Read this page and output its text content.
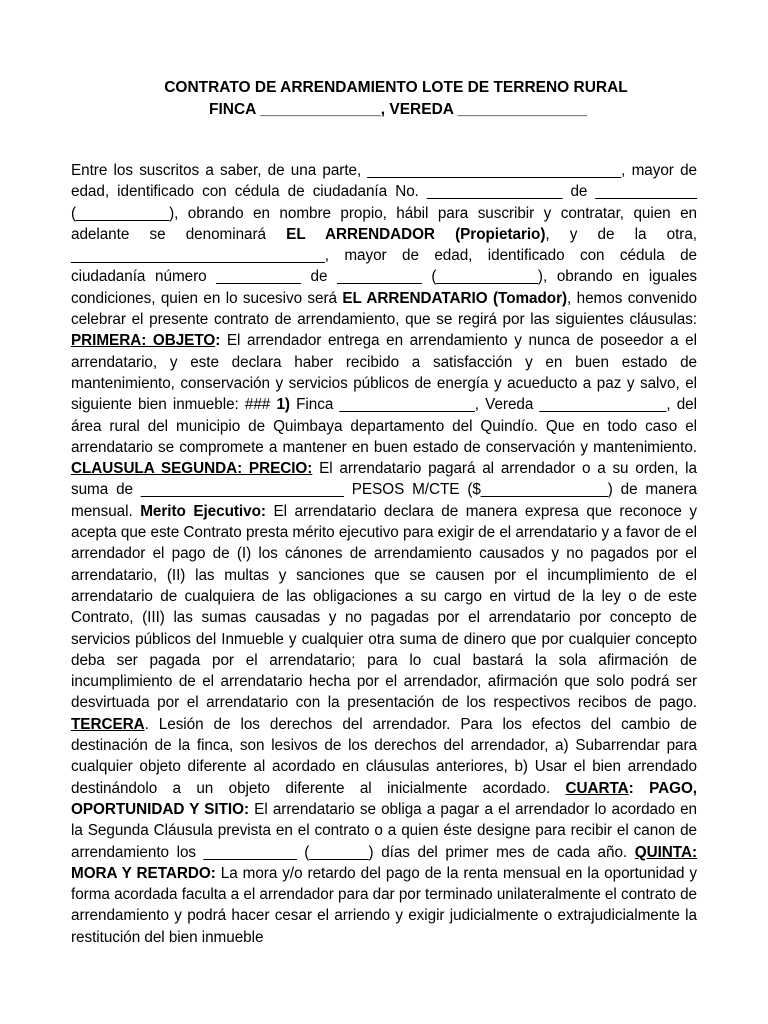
CONTRATO DE ARRENDAMIENTO LOTE DE TERRENO RURAL
FINCA ______________, VEREDA _______________
Entre los suscritos a saber, de una parte, ______________________________, mayor de edad, identificado con cédula de ciudadanía No. ________________ de ____________ (___________), obrando en nombre propio, hábil para suscribir y contratar, quien en adelante se denominará EL ARRENDADOR (Propietario), y de la otra, ______________________________, mayor de edad, identificado con cédula de ciudadanía número __________ de __________ (____________), obrando en iguales condiciones, quien en lo sucesivo será EL ARRENDATARIO (Tomador), hemos convenido celebrar el presente contrato de arrendamiento, que se regirá por las siguientes cláusulas: PRIMERA: OBJETO: El arrendador entrega en arrendamiento y nunca de poseedor a el arrendatario, y este declara haber recibido a satisfacción y en buen estado de mantenimiento, conservación y servicios públicos de energía y acueducto a paz y salvo, el siguiente bien inmueble: ### 1) Finca ________________, Vereda _______________, del área rural del municipio de Quimbaya departamento del Quindío. Que en todo caso el arrendatario se compromete a mantener en buen estado de conservación y mantenimiento. CLAUSULA SEGUNDA: PRECIO: El arrendatario pagará al arrendador o a su orden, la suma de ________________________ PESOS M/CTE ($_______________) de manera mensual. Merito Ejecutivo: El arrendatario declara de manera expresa que reconoce y acepta que este Contrato presta mérito ejecutivo para exigir de el arrendatario y a favor de el arrendador el pago de (I) los cánones de arrendamiento causados y no pagados por el arrendatario, (II) las multas y sanciones que se causen por el incumplimiento de el arrendatario de cualquiera de las obligaciones a su cargo en virtud de la ley o de este Contrato, (III) las sumas causadas y no pagadas por el arrendatario por concepto de servicios públicos del Inmueble y cualquier otra suma de dinero que por cualquier concepto deba ser pagada por el arrendatario; para lo cual bastará la sola afirmación de incumplimiento de el arrendatario hecha por el arrendador, afirmación que solo podrá ser desvirtuada por el arrendatario con la presentación de los respectivos recibos de pago. TERCERA. Lesión de los derechos del arrendador. Para los efectos del cambio de destinación de la finca, son lesivos de los derechos del arrendador, a) Subarrendar para cualquier objeto diferente al acordado en cláusulas anteriores, b) Usar el bien arrendado destinándolo a un objeto diferente al inicialmente acordado. CUARTA: PAGO, OPORTUNIDAD Y SITIO: El arrendatario se obliga a pagar a el arrendador lo acordado en la Segunda Cláusula prevista en el contrato o a quien éste designe para recibir el canon de arrendamiento los ___________ (_______) días del primer mes de cada año. QUINTA: MORA Y RETARDO: La mora y/o retardo del pago de la renta mensual en la oportunidad y forma acordada faculta a el arrendador para dar por terminado unilateralmente el contrato de arrendamiento y podrá hacer cesar el arriendo y exigir judicialmente o extrajudicialmente la restitución del bien inmueble
